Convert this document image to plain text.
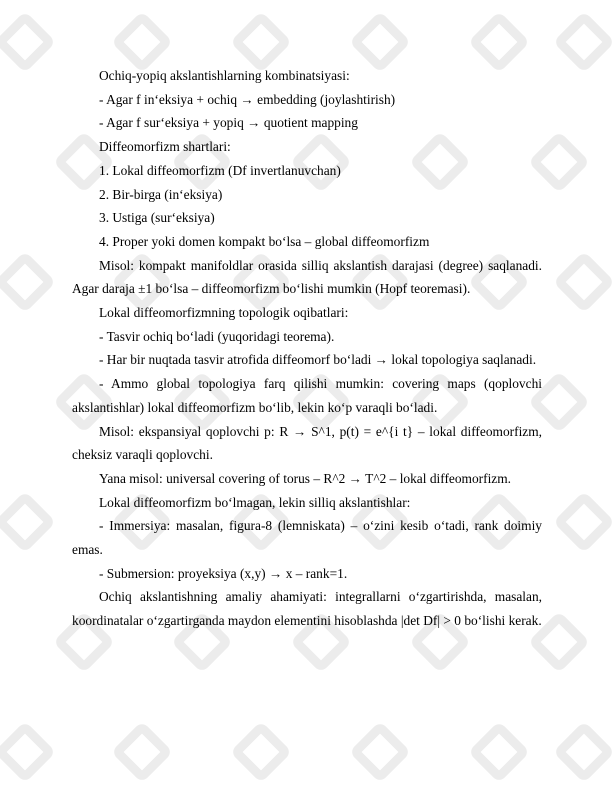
Ochiq-yopiq akslantishlarning kombinatsiyasi:

- Agar f in‘eksiya + ochiq → embedding (joylashtirish)

- Agar f sur‘eksiya + yopiq → quotient mapping

Diffeomorfizm shartlari:

1. Lokal diffeomorfizm (Df invertlanuvchan)

2. Bir-birga (in‘eksiya)

3. Ustiga (sur‘eksiya)

4. Proper yoki domen kompakt bo‘lsa – global diffeomorfizm

Misol: kompakt manifoldlar orasida silliq akslantish darajasi (degree) saqlanadi. Agar daraja ±1 bo‘lsa – diffeomorfizm bo‘lishi mumkin (Hopf teoremasi).

Lokal diffeomorfizmning topologik oqibatlari:

- Tasvir ochiq bo‘ladi (yuqoridagi teorema).

- Har bir nuqtada tasvir atrofida diffeomorf bo‘ladi → lokal topologiya saqlanadi.

- Ammo global topologiya farq qilishi mumkin: covering maps (qoplovchi akslantishlar) lokal diffeomorfizm bo‘lib, lekin ko‘p varaqli bo‘ladi.

Misol: ekspansiyal qoplovchi p: R → S^1, p(t) = e^{i t} – lokal diffeomorfizm, cheksiz varaqli qoplovchi.

Yana misol: universal covering of torus – R^2 → T^2 – lokal diffeomorfizm.

Lokal diffeomorfizm bo‘lmagan, lekin silliq akslantishlar:

- Immersiya: masalan, figura-8 (lemniskata) – o‘zini kesib o‘tadi, rank doimiy emas.

- Submersion: proyeksiya (x,y) → x – rank=1.

Ochiq akslantishning amaliy ahamiyati: integrallarni o‘zgartirishda, masalan, koordinatalar o‘zgartirganda maydon elementini hisoblashda |det Df| > 0 bo‘lishi kerak.
